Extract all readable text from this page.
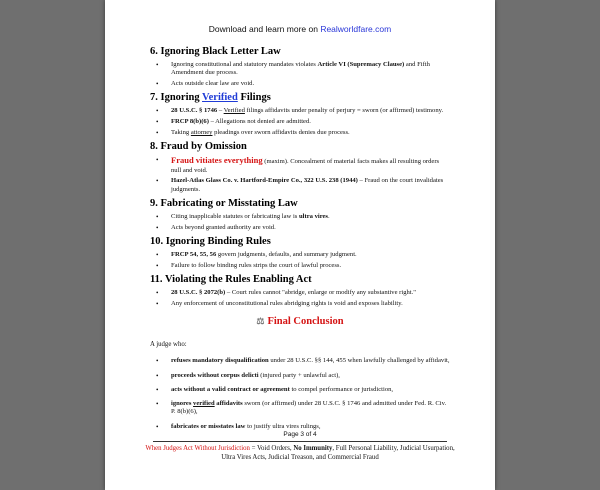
Download and learn more on Realworldfare.com
6. Ignoring Black Letter Law
• Ignoring constitutional and statutory mandates violates Article VI (Supremacy Clause) and Fifth Amendment due process.
• Acts outside clear law are void.
7. Ignoring Verified Filings
• 28 U.S.C. § 1746 – Verified filings affidavits under penalty of perjury = sworn (or affirmed) testimony.
• FRCP 8(b)(6) – Allegations not denied are admitted.
• Taking attorney pleadings over sworn affidavits denies due process.
8. Fraud by Omission
• Fraud vitiates everything (maxim). Concealment of material facts makes all resulting orders null and void.
• Hazel-Atlas Glass Co. v. Hartford-Empire Co., 322 U.S. 238 (1944) – Fraud on the court invalidates judgments.
9. Fabricating or Misstating Law
• Citing inapplicable statutes or fabricating law is ultra vires.
• Acts beyond granted authority are void.
10. Ignoring Binding Rules
• FRCP 54, 55, 56 govern judgments, defaults, and summary judgment.
• Failure to follow binding rules strips the court of lawful process.
11. Violating the Rules Enabling Act
• 28 U.S.C. § 2072(b) – Court rules cannot "abridge, enlarge or modify any substantive right."
• Any enforcement of unconstitutional rules abridging rights is void and exposes liability.
⚖ Final Conclusion

A judge who:

• refuses mandatory disqualification under 28 U.S.C. §§ 144, 455 when lawfully challenged by affidavit,
• proceeds without corpus delicti (injured party + unlawful act),
• acts without a valid contract or agreement to compel performance or jurisdiction,
• ignores verified affidavits sworn (or affirmed) under 28 U.S.C. § 1746 and admitted under Fed. R. Civ. P. 8(b)(6),
• fabricates or misstates law to justify ultra vires rulings,
Page 3 of 4
When Judges Act Without Jurisdiction = Void Orders, No Immunity, Full Personal Liability, Judicial Usurpation, Ultra Vires Acts, Judicial Treason, and Commercial Fraud
